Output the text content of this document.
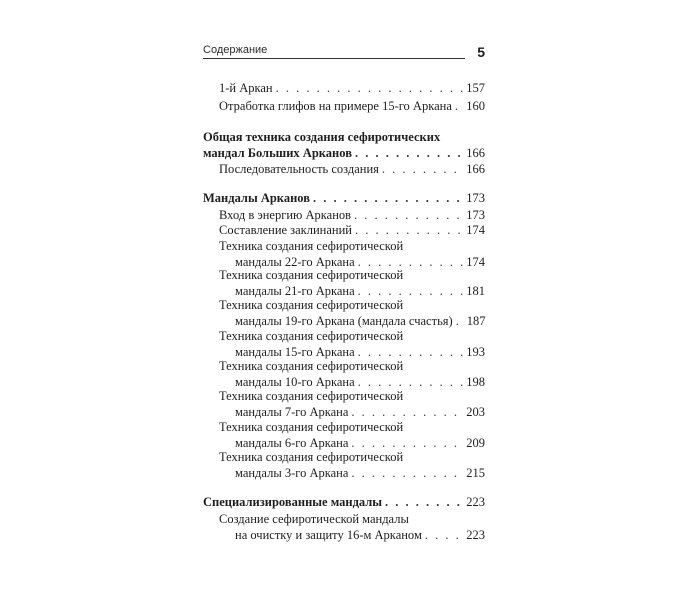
Содержание	5
1-й Аркан . . .	157
Отработка глифов на примере 15-го Аркана . . . 160
Общая техника создания сефиротических
мандал Больших Арканов . . .	166
Последовательность создания . . .	166
Мандалы Арканов . . .	173
Вход в энергию Арканов . . .	173
Составление заклинаний . . .	174
Техника создания сефиротической
мандалы 22-го Аркана . . .	174
Техника создания сефиротической
мандалы 21-го Аркана . . .	181
Техника создания сефиротической
мандалы 19-го Аркана (мандала счастья) . . . 187
Техника создания сефиротической
мандалы 15-го Аркана . . .	193
Техника создания сефиротической
мандалы 10-го Аркана . . .	198
Техника создания сефиротической
мандалы 7-го Аркана . . .	203
Техника создания сефиротической
мандалы 6-го Аркана . . .	209
Техника создания сефиротической
мандалы 3-го Аркана . . .	215
Специализированные мандалы . . .	223
Создание сефиротической мандалы
на очистку и защиту 16-м Арканом . . .	223
